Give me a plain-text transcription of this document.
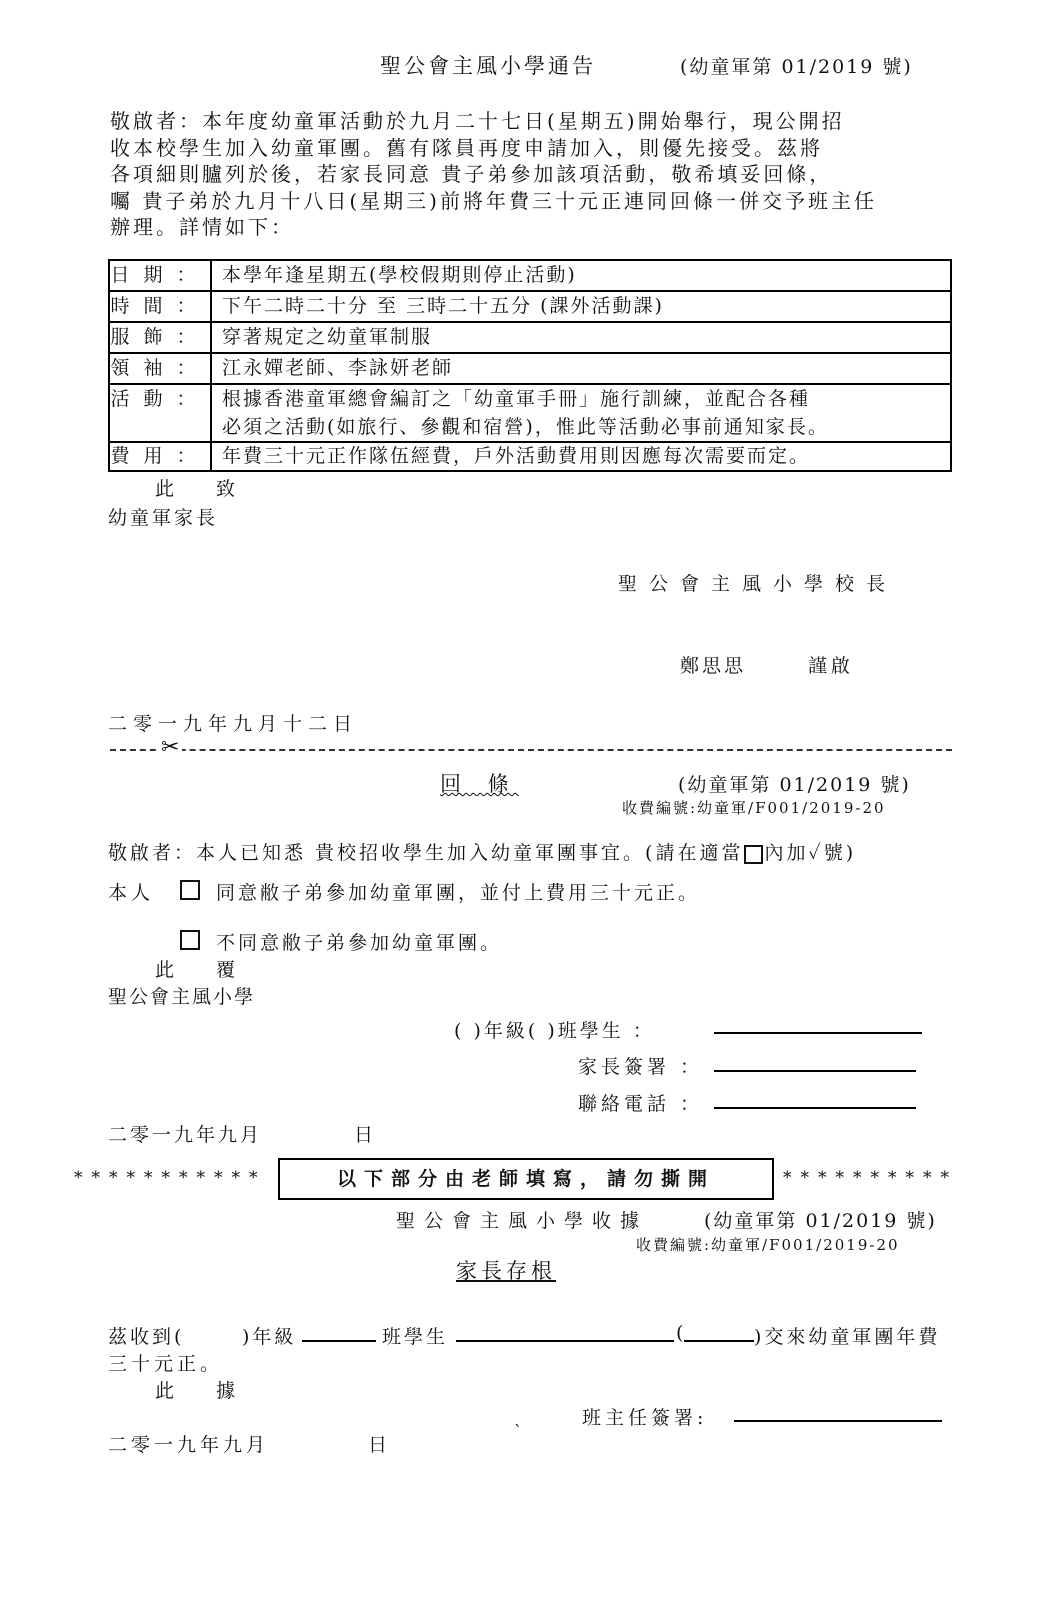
聖公會主風小學通告	(幼童軍第 01/2019 號)
敬啟者：本年度幼童軍活動於九月二十七日(星期五)開始舉行，現公開招
收本校學生加入幼童軍團。舊有隊員再度申請加入，則優先接受。茲將
各項細則臚列於後，若家長同意 貴子弟參加該項活動，敬希填妥回條，
囑 貴子弟於九月十八日(星期三)前將年費三十元正連同回條一併交予班主任
辦理。詳情如下：
日期：	本學年逢星期五(學校假期則停止活動)

時間：	下午二時二十分 至 三時二十五分 (課外活動課)

服飾：	穿著規定之幼童軍制服

領袖：	江永嬋老師、李詠妍老師

活動：	根據香港童軍總會編訂之「幼童軍手冊」施行訓練，並配合各種
必須之活動(如旅行、參觀和宿營)，惟此等活動必事前通知家長。

費用：	年費三十元正作隊伍經費，戶外活動費用則因應每次需要而定。
此 致
幼童軍家長
聖公會主風小學校長
鄭思思	謹啟
二零一九年九月十二日
✂
回 條	(幼童軍第 01/2019 號)
收費編號:幼童軍/F001/2019-20
敬啟者：本人已知悉 貴校招收學生加入幼童軍團事宜。(請在適當 內加✓號)
本人	同意敝子弟參加幼童軍團，並付上費用三十元正。
不同意敝子弟參加幼童軍團。
此 覆
聖公會主風小學
( )年級( )班學生 ：
家長簽署 ：
聯絡電話 ：
二零一九年九月	日
***********	以下部分由老師填寫，請勿撕開	**********
聖公會主風小學收據	(幼童軍第 01/2019 號)
收費編號:幼童軍/F001/2019-20
家長存根
茲收到(	)年級	班學生	(	)交來幼童軍團年費
三十元正。
此 據
班主任簽署:
二零一九年九月	日
`
